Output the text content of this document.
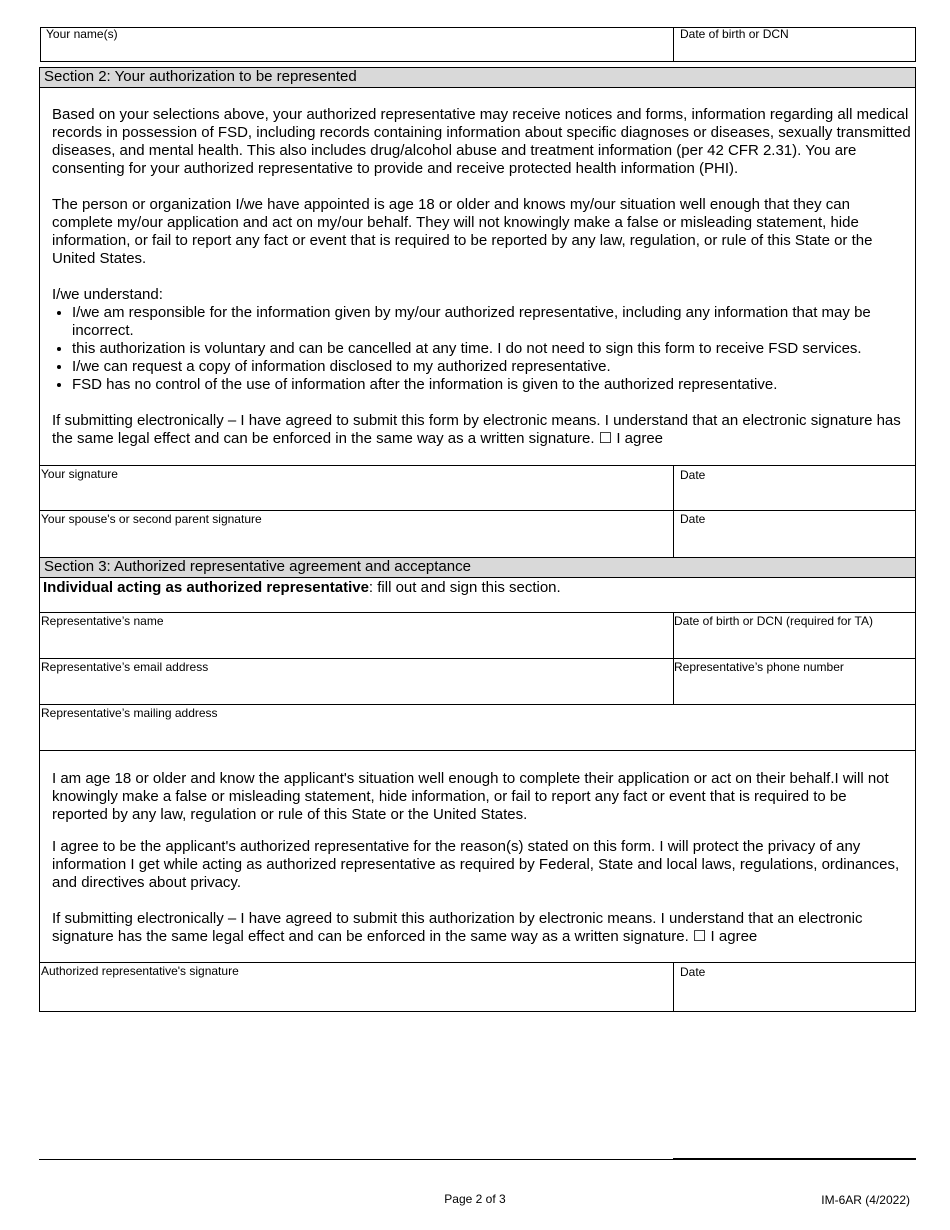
Your name(s)	Date of birth or DCN
Section 2: Your authorization to be represented

Based on your selections above, your authorized representative may receive notices and forms, information regarding all medical records in possession of FSD, including records containing information about specific diagnoses or diseases, sexually transmitted diseases, and mental health. This also includes drug/alcohol abuse and treatment information (per 42 CFR 2.31). You are consenting for your authorized representative to provide and receive protected health information (PHI).

The person or organization I/we have appointed is age 18 or older and knows my/our situation well enough that they can complete my/our application and act on my/our behalf. They will not knowingly make a false or misleading statement, hide information, or fail to report any fact or event that is required to be reported by any law, regulation, or rule of this State or the United States.

I/we understand:

• I/we am responsible for the information given by my/our authorized representative, including any information that may be incorrect.
• this authorization is voluntary and can be cancelled at any time. I do not need to sign this form to receive FSD services.
• I/we can request a copy of information disclosed to my authorized representative.
• FSD has no control of the use of information after the information is given to the authorized representative.

If submitting electronically – I have agreed to submit this form by electronic means. I understand that an electronic signature has the same legal effect and can be enforced in the same way as a written signature. ☐ I agree

Your signature	Date
Your spouse's or second parent signature	Date
Section 3: Authorized representative agreement and acceptance
Individual acting as authorized representative: fill out and sign this section.
Representative’s name	Date of birth or DCN (required for TA)
Representative’s email address	Representative’s phone number
Representative’s mailing address

I am age 18 or older and know the applicant's situation well enough to complete their application or act on their behalf.I will not knowingly make a false or misleading statement, hide information, or fail to report any fact or event that is required to be reported by any law, regulation or rule of this State or the United States.

I agree to be the applicant's authorized representative for the reason(s) stated on this form. I will protect the privacy of any information I get while acting as authorized representative as required by Federal, State and local laws, regulations, ordinances, and directives about privacy.

If submitting electronically – I have agreed to submit this authorization by electronic means. I understand that an electronic signature has the same legal effect and can be enforced in the same way as a written signature. ☐ I agree

Authorized representative's signature	Date
Page 2 of 3	IM-6AR (4/2022)
